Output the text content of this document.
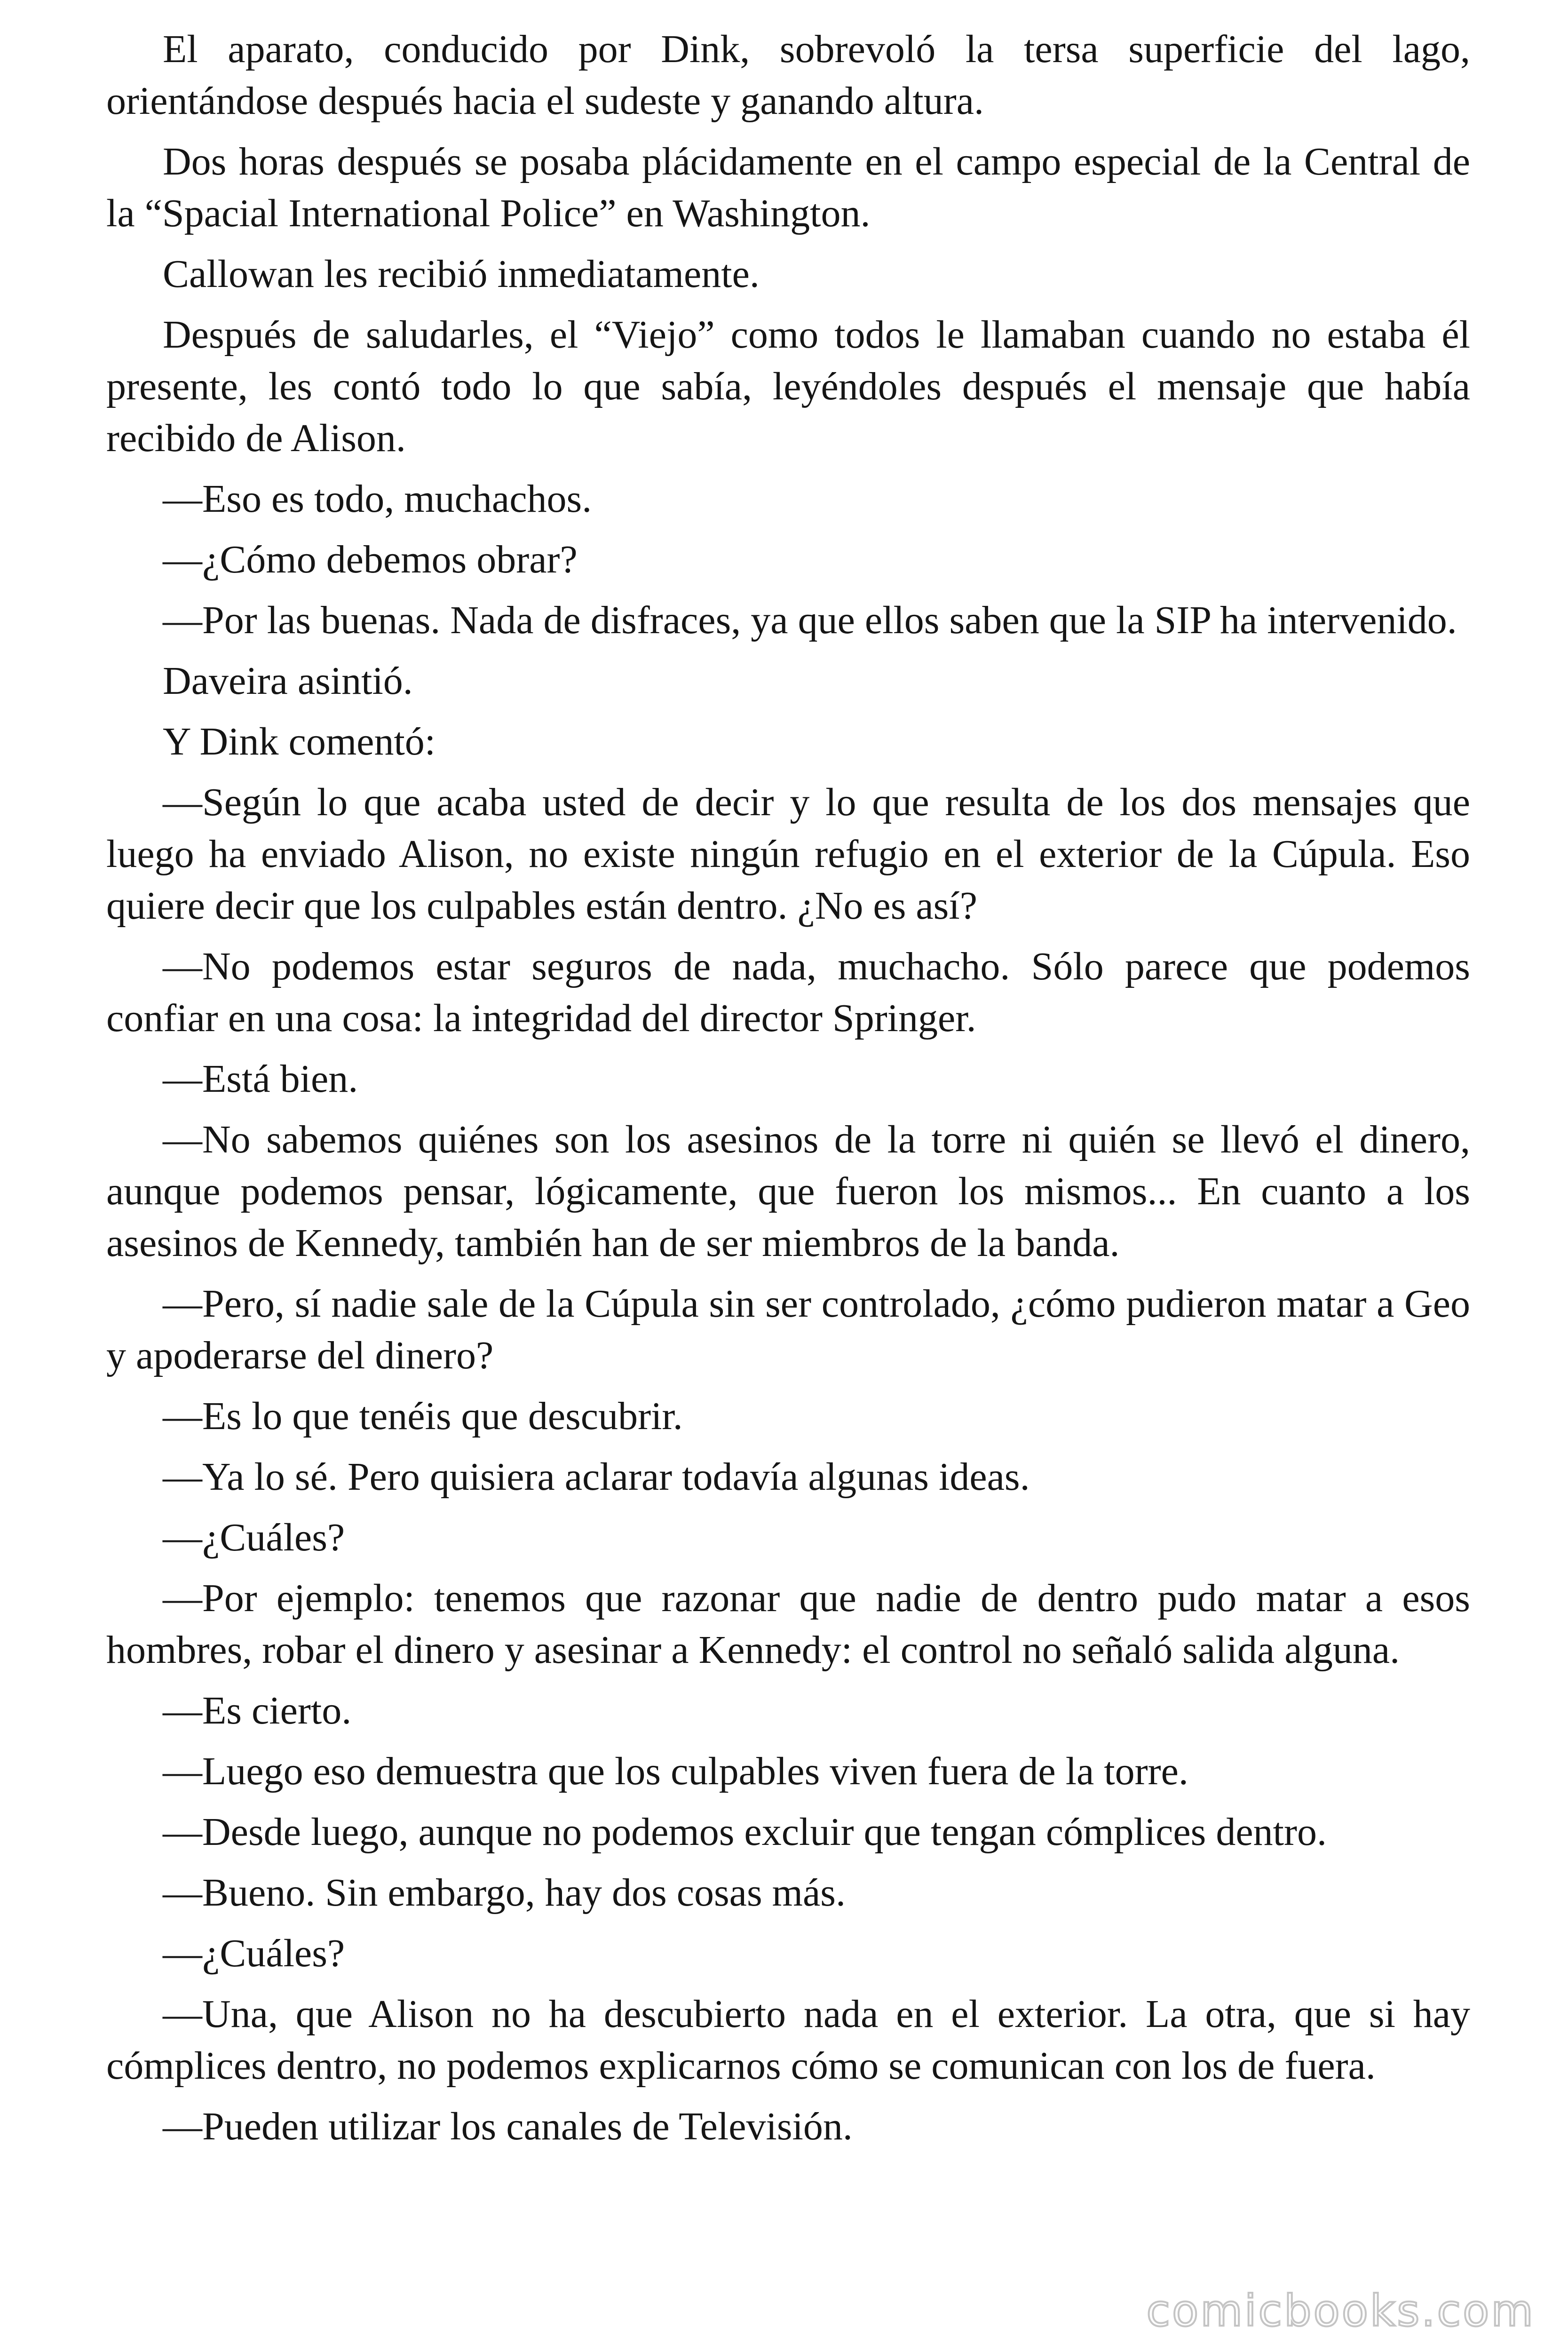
El aparato, conducido por Dink, sobrevoló la tersa superficie del lago, orientándose después hacia el sudeste y ganando altura.

Dos horas después se posaba plácidamente en el campo especial de la Central de la “Spacial International Police” en Washington.

Callowan les recibió inmediatamente.

Después de saludarles, el “Viejo” como todos le llamaban cuando no estaba él presente, les contó todo lo que sabía, leyéndoles después el mensaje que había recibido de Alison.

—Eso es todo, muchachos.

—¿Cómo debemos obrar?

—Por las buenas. Nada de disfraces, ya que ellos saben que la SIP ha intervenido.

Daveira asintió.

Y Dink comentó:

—Según lo que acaba usted de decir y lo que resulta de los dos mensajes que luego ha enviado Alison, no existe ningún refugio en el exterior de la Cúpula. Eso quiere decir que los culpables están dentro. ¿No es así?

—No podemos estar seguros de nada, muchacho. Sólo parece que podemos confiar en una cosa: la integridad del director Springer.

—Está bien.

—No sabemos quiénes son los asesinos de la torre ni quién se llevó el dinero, aunque podemos pensar, lógicamente, que fueron los mismos... En cuanto a los asesinos de Kennedy, también han de ser miembros de la banda.

—Pero, sí nadie sale de la Cúpula sin ser controlado, ¿cómo pudieron matar a Geo y apoderarse del dinero?

—Es lo que tenéis que descubrir.

—Ya lo sé. Pero quisiera aclarar todavía algunas ideas.

—¿Cuáles?

—Por ejemplo: tenemos que razonar que nadie de dentro pudo matar a esos hombres, robar el dinero y asesinar a Kennedy: el control no señaló salida alguna.

—Es cierto.

—Luego eso demuestra que los culpables viven fuera de la torre.

—Desde luego, aunque no podemos excluir que tengan cómplices dentro.

—Bueno. Sin embargo, hay dos cosas más.

—¿Cuáles?

—Una, que Alison no ha descubierto nada en el exterior. La otra, que si hay cómplices dentro, no podemos explicarnos cómo se comunican con los de fuera.

—Pueden utilizar los canales de Televisión.

comicbooks.com
